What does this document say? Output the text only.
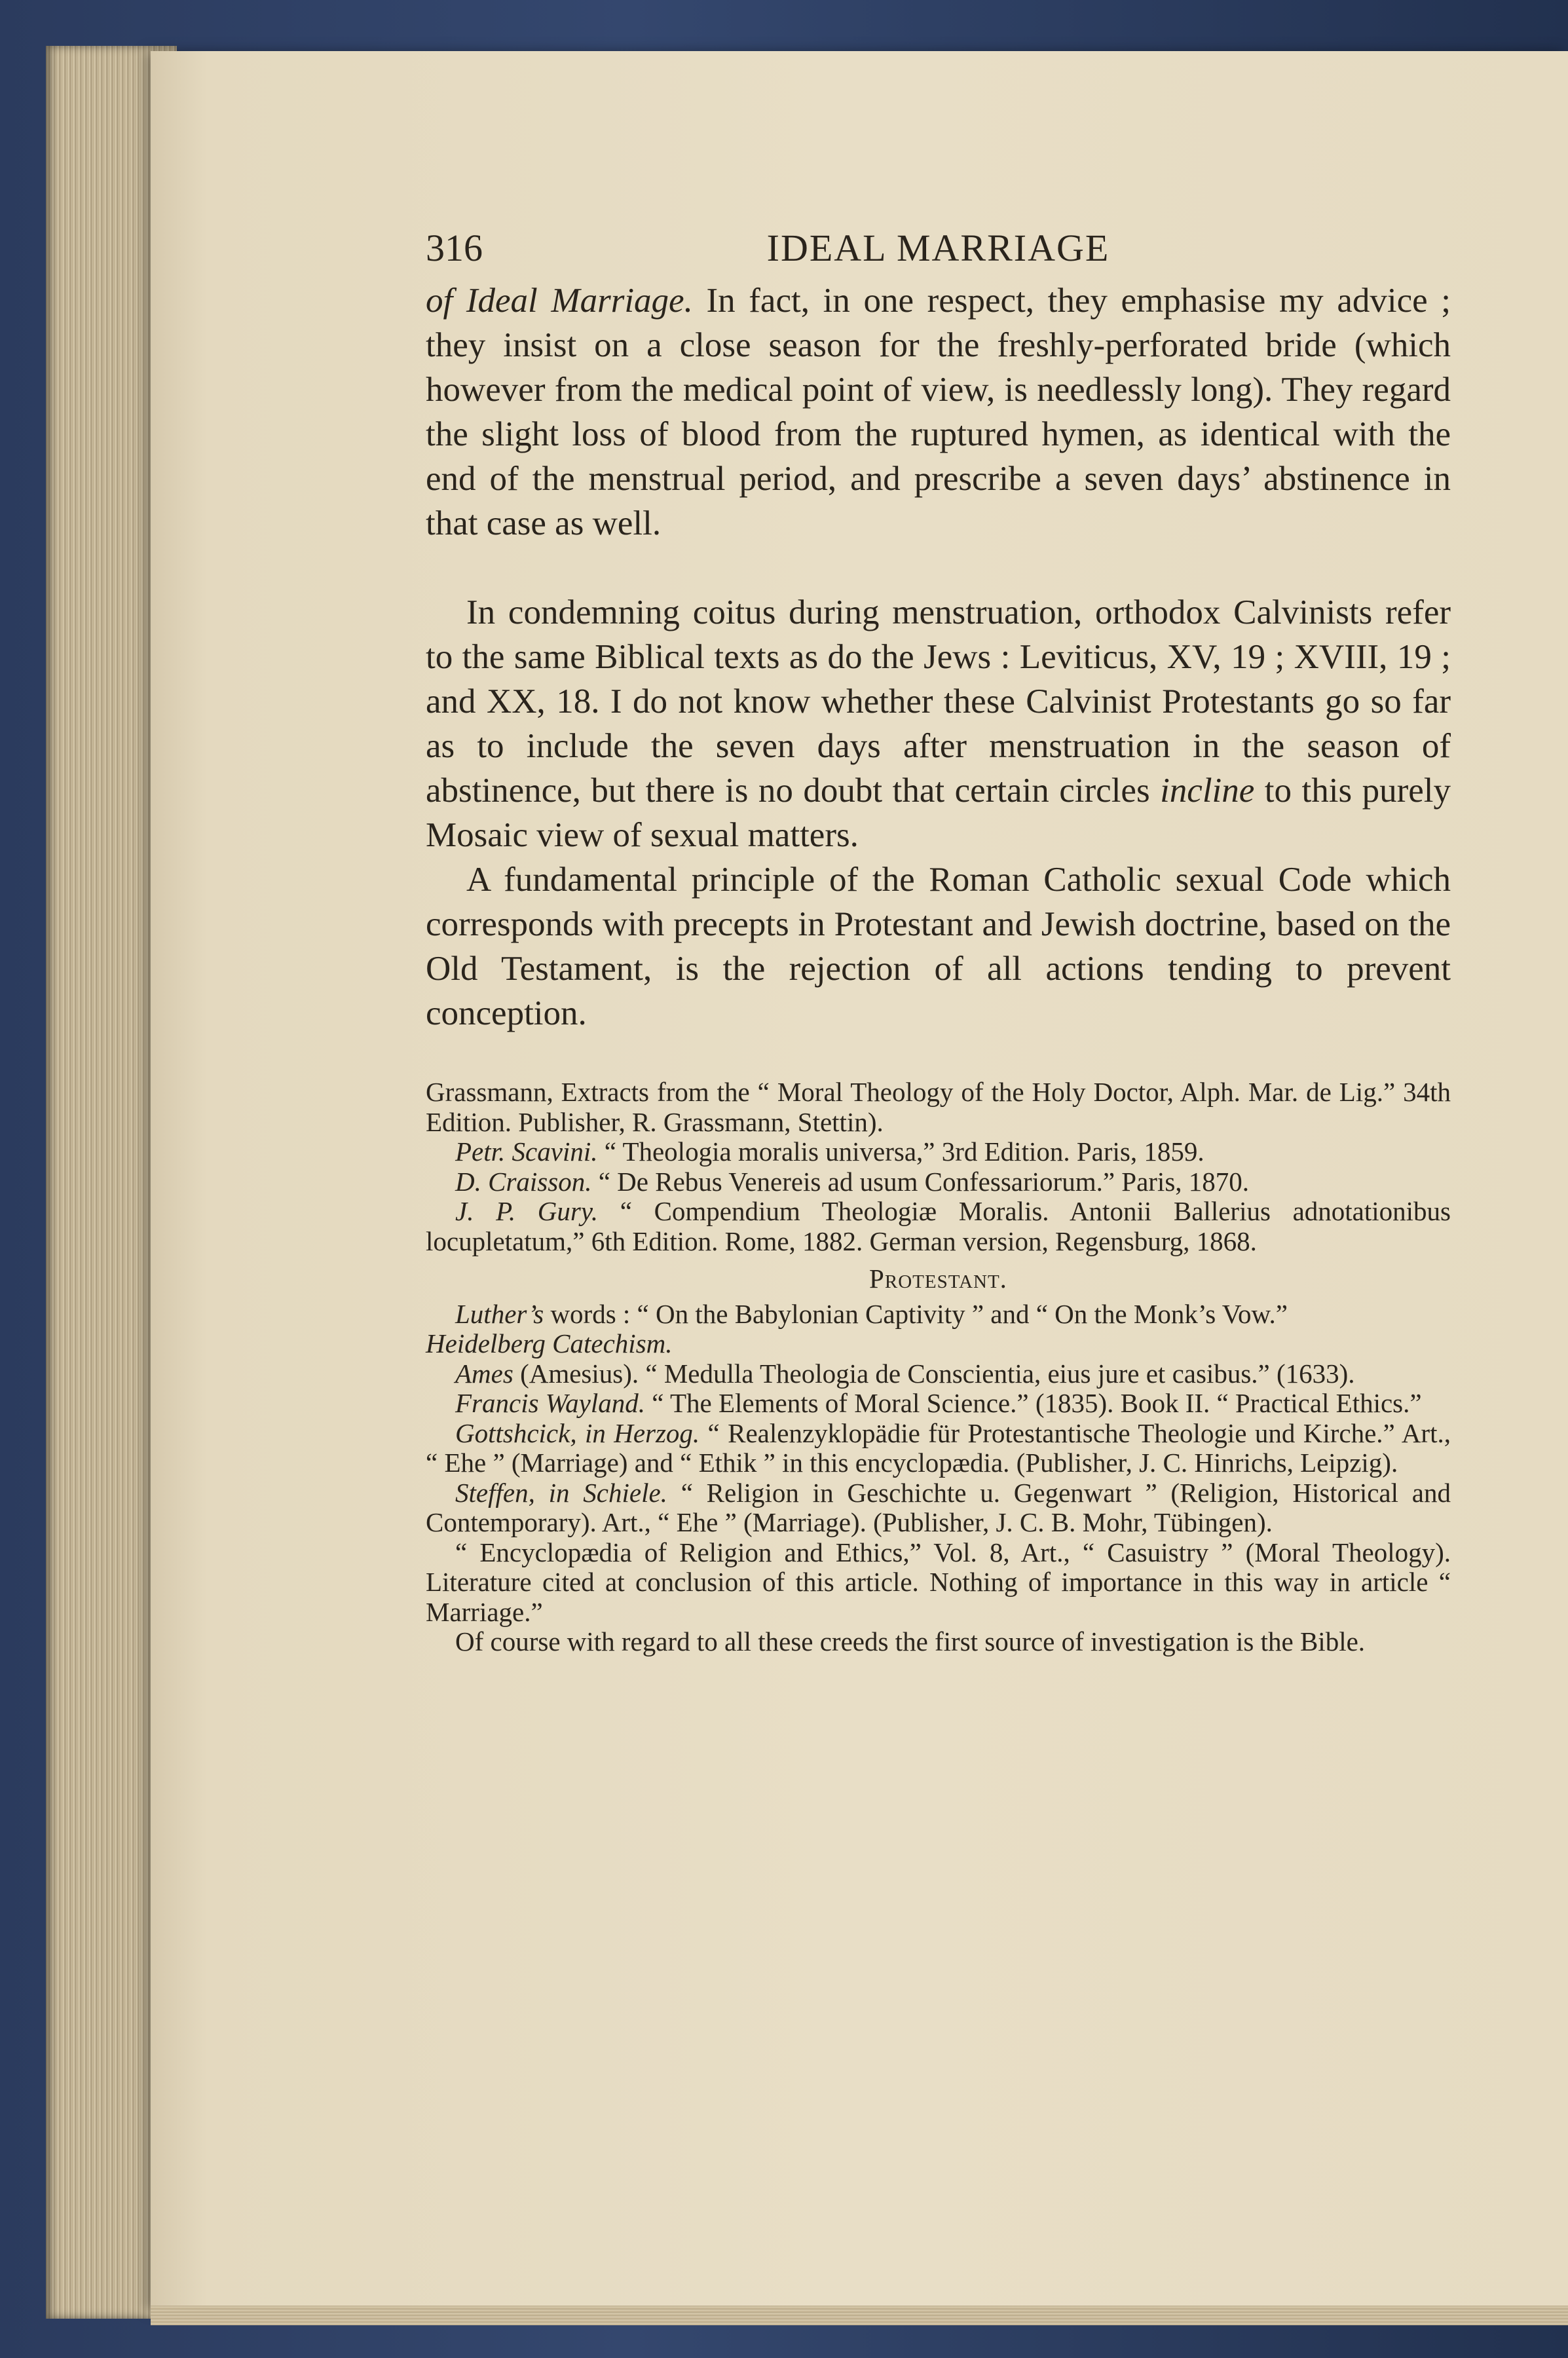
316	IDEAL MARRIAGE

of Ideal Marriage. In fact, in one respect, they emphasise my advice ; they insist on a close season for the freshly-perforated bride (which however from the medical point of view, is needlessly long). They regard the slight loss of blood from the ruptured hymen, as identical with the end of the menstrual period, and prescribe a seven days’ abstinence in that case as well.

In condemning coitus during menstruation, orthodox Calvinists refer to the same Biblical texts as do the Jews : Leviticus, XV, 19 ; XVIII, 19 ; and XX, 18. I do not know whether these Calvinist Protestants go so far as to include the seven days after menstruation in the season of abstinence, but there is no doubt that certain circles incline to this purely Mosaic view of sexual matters.

A fundamental principle of the Roman Catholic sexual Code which corresponds with precepts in Protestant and Jewish doctrine, based on the Old Testament, is the rejection of all actions tending to prevent conception.

Grassmann, Extracts from the “ Moral Theology of the Holy Doctor, Alph. Mar. de Lig.” 34th Edition. Publisher, R. Grassmann, Stettin).

Petr. Scavini. “ Theologia moralis universa,” 3rd Edition. Paris, 1859.

D. Craisson. “ De Rebus Venereis ad usum Confessariorum.” Paris, 1870.

J. P. Gury. “ Compendium Theologiæ Moralis. Antonii Ballerius adnotationibus locupletatum,” 6th Edition. Rome, 1882. German version, Regensburg, 1868.

Protestant.

Luther’s words : “ On the Babylonian Captivity ” and “ On the Monk’s Vow.”

Heidelberg Catechism.

Ames (Amesius). “ Medulla Theologia de Conscientia, eius jure et casibus.” (1633).

Francis Wayland. “ The Elements of Moral Science.” (1835). Book II. “ Practical Ethics.”

Gottshcick, in Herzog. “ Realenzyklopädie für Protestantische Theologie und Kirche.” Art., “ Ehe ” (Marriage) and “ Ethik ” in this encyclopædia. (Publisher, J. C. Hinrichs, Leipzig).

Steffen, in Schiele. “ Religion in Geschichte u. Gegenwart ” (Religion, Historical and Contemporary). Art., “ Ehe ” (Marriage). (Publisher, J. C. B. Mohr, Tübingen).

“ Encyclopædia of Religion and Ethics,” Vol. 8, Art., “ Casuistry ” (Moral Theology). Literature cited at conclusion of this article. Nothing of importance in this way in article “ Marriage.”

Of course with regard to all these creeds the first source of investigation is the Bible.
